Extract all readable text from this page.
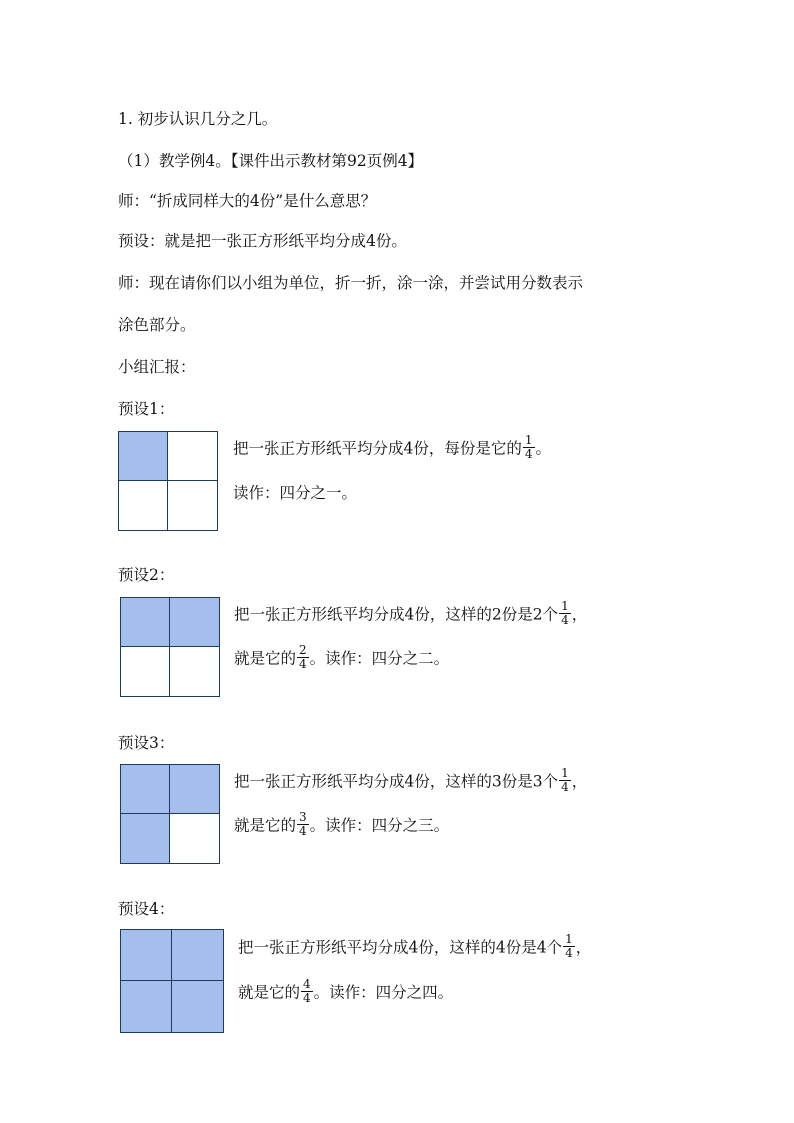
1. 初步认识几分之几。
（1）教学例4。【课件出示教材第92页例4】
师：“折成同样大的4份”是什么意思？
预设：就是把一张正方形纸平均分成4份。
师：现在请你们以小组为单位，折一折，涂一涂，并尝试用分数表示
涂色部分。
小组汇报：
预设1：
把一张正方形纸平均分成4份，每份是它的 $\frac{1}{4}$ 。
读作：四分之一。
预设2：
把一张正方形纸平均分成4份，这样的2份是2个 $\frac{1}{4}$ ，
就是它的 $\frac{2}{4}$ 。读作：四分之二。
预设3：
把一张正方形纸平均分成4份，这样的3份是3个 $\frac{1}{4}$ ，
就是它的 $\frac{3}{4}$ 。读作：四分之三。
预设4：
把一张正方形纸平均分成4份，这样的4份是4个 $\frac{1}{4}$ ，
就是它的 $\frac{4}{4}$ 。读作：四分之四。
